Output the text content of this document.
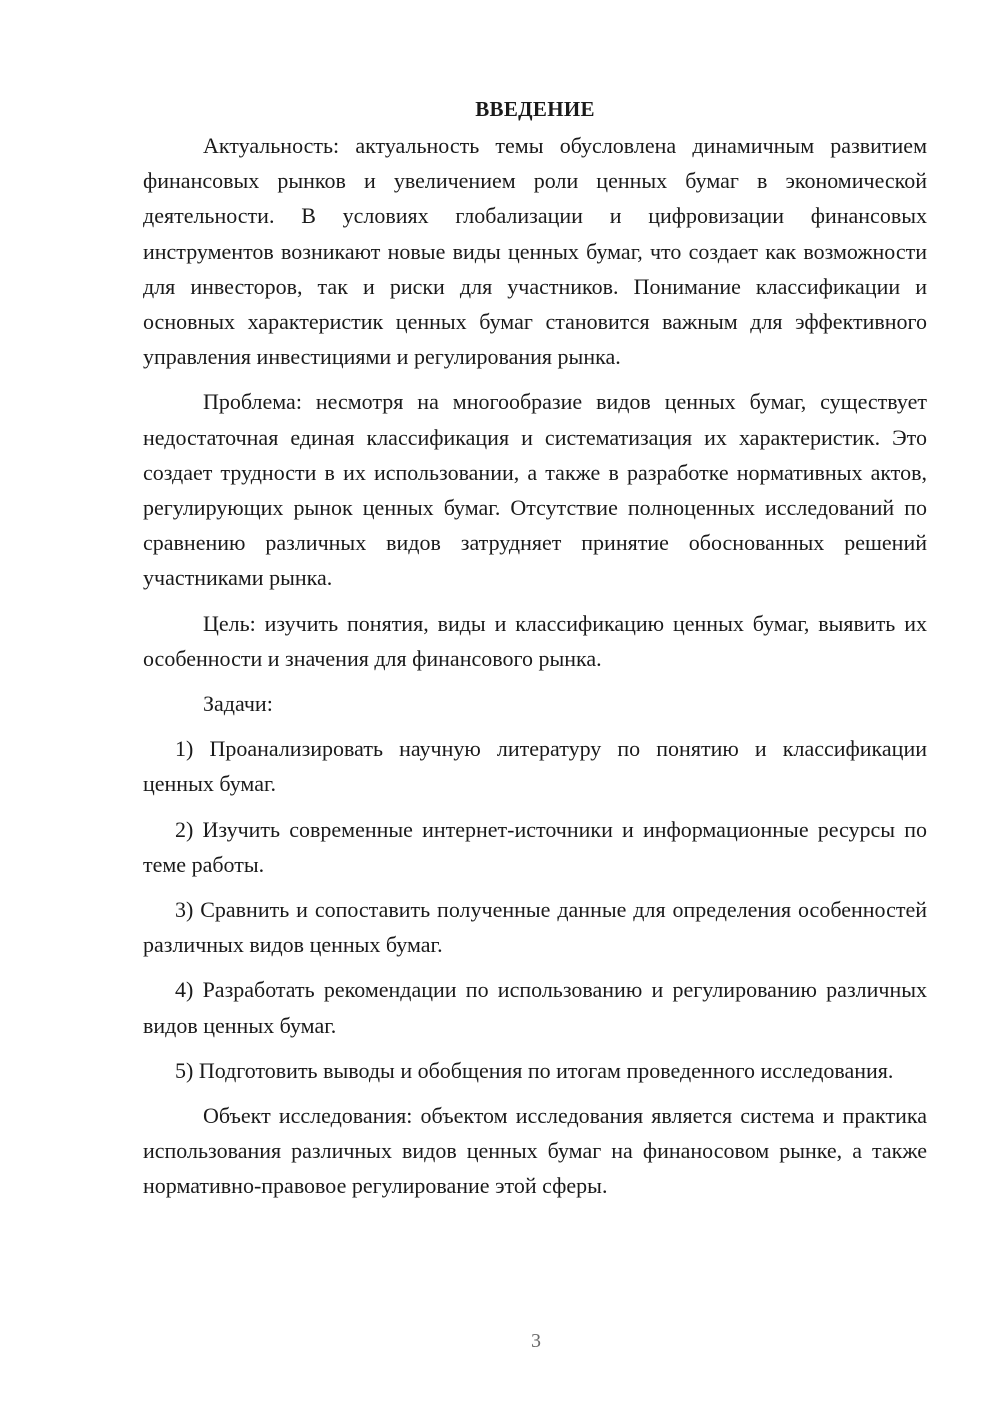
ВВЕДЕНИЕ

Актуальность: актуальность темы обусловлена динамичным развитием финансовых рынков и увеличением роли ценных бумаг в экономической деятельности. В условиях глобализации и цифровизации финансовых инструментов возникают новые виды ценных бумаг, что создает как возможности для инвесторов, так и риски для участников. Понимание классификации и основных характеристик ценных бумаг становится важным для эффективного управления инвестициями и регулирования рынка.

Проблема: несмотря на многообразие видов ценных бумаг, существует недостаточная единая классификация и систематизация их характеристик. Это создает трудности в их использовании, а также в разработке нормативных актов, регулирующих рынок ценных бумаг. Отсутствие полноценных исследований по сравнению различных видов затрудняет принятие обоснованных решений участниками рынка.

Цель: изучить понятия, виды и классификацию ценных бумаг, выявить их особенности и значения для финансового рынка.

Задачи:

1) Проанализировать научную литературу по понятию и классификации ценных бумаг.

2) Изучить современные интернет-источники и информационные ресурсы по теме работы.

3) Сравнить и сопоставить полученные данные для определения особенностей различных видов ценных бумаг.

4) Разработать рекомендации по использованию и регулированию различных видов ценных бумаг.

5) Подготовить выводы и обобщения по итогам проведенного исследования.

Объект исследования: объектом исследования является система и практика использования различных видов ценных бумаг на финаносовом рынке, а также нормативно-правовое регулирование этой сферы.

3
